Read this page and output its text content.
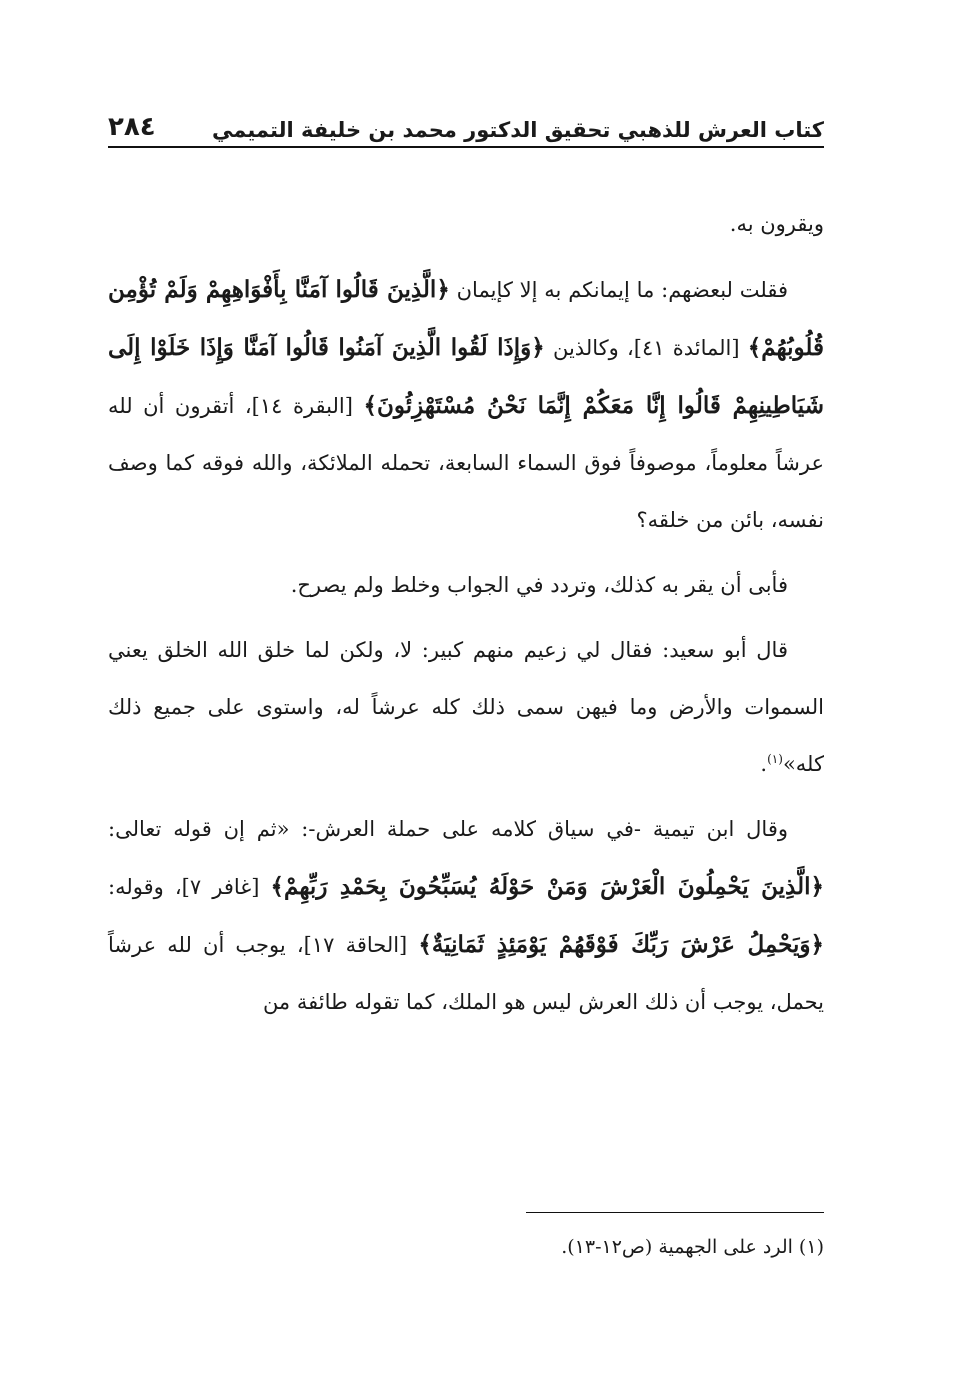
كتاب العرش للذهبي تحقيق الدكتور محمد بن خليفة التميمي
٢٨٤

ويقرون به.

فقلت لبعضهم: ما إيمانكم به إلا كإيمان ﴿الَّذِينَ قَالُوا آمَنَّا بِأَفْوَاهِهِمْ وَلَمْ تُؤْمِن قُلُوبُهُمْ﴾ [المائدة ٤١]، وكالذين ﴿وَإِذَا لَقُوا الَّذِينَ آمَنُوا قَالُوا آمَنَّا وَإِذَا خَلَوْا إِلَى شَيَاطِينِهِمْ قَالُوا إِنَّا مَعَكُمْ إِنَّمَا نَحْنُ مُسْتَهْزِئُونَ﴾ [البقرة ١٤]، أتقرون أن لله عرشاً معلوماً، موصوفاً فوق السماء السابعة، تحمله الملائكة، والله فوقه كما وصف نفسه، بائن من خلقه؟

فأبى أن يقر به كذلك، وتردد في الجواب وخلط ولم يصرح.

قال أبو سعيد: فقال لي زعيم منهم كبير: لا، ولكن لما خلق الله الخلق يعني السموات والأرض وما فيهن سمى ذلك كله عرشاً له، واستوى على جميع ذلك كله»$^{(١)}$.

وقال ابن تيمية -في سياق كلامه على حملة العرش-: «ثم إن قوله تعالى: ﴿الَّذِينَ يَحْمِلُونَ الْعَرْشَ وَمَنْ حَوْلَهُ يُسَبِّحُونَ بِحَمْدِ رَبِّهِمْ﴾ [غافر ٧]، وقوله: ﴿وَيَحْمِلُ عَرْشَ رَبِّكَ فَوْقَهُمْ يَوْمَئِذٍ ثَمَانِيَةٌ﴾ [الحاقة ١٧]، يوجب أن لله عرشاً يحمل، يوجب أن ذلك العرش ليس هو الملك، كما تقوله طائفة من

(١) الرد على الجهمية (ص١٢-١٣).
